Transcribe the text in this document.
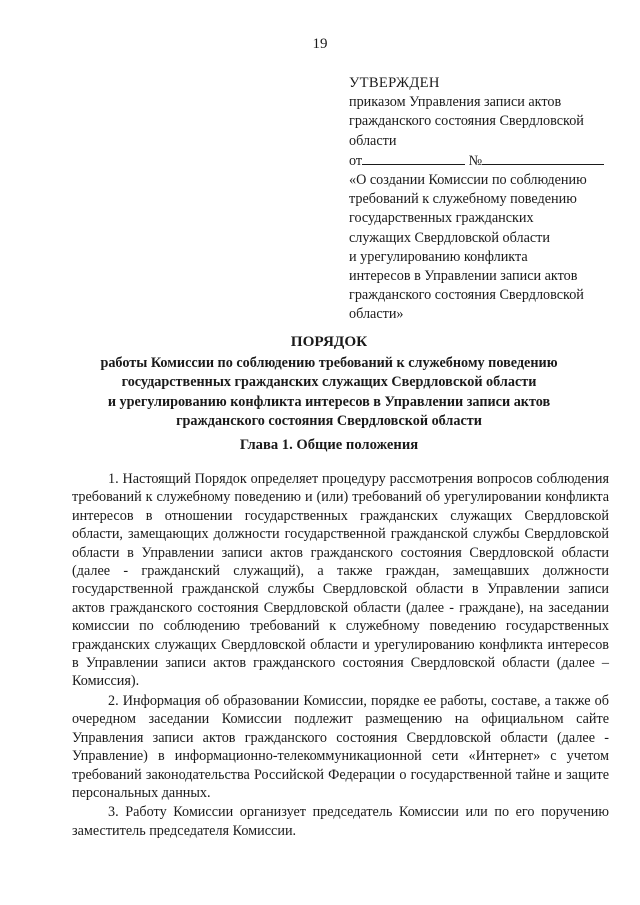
19
УТВЕРЖДЕН
приказом Управления записи актов
гражданского состояния Свердловской
области
от	№
«О создании Комиссии по соблюдению
требований к служебному поведению
государственных гражданских
служащих Свердловской области
и урегулированию конфликта
интересов в Управлении записи актов
гражданского состояния Свердловской
области»
ПОРЯДОК
работы Комиссии по соблюдению требований к служебному поведению
государственных гражданских служащих Свердловской области
и урегулированию конфликта интересов в Управлении записи актов
гражданского состояния Свердловской области
Глава 1. Общие положения

1. Настоящий Порядок определяет процедуру рассмотрения вопросов соблюдения требований к служебному поведению и (или) требований об урегулировании конфликта интересов в отношении государственных гражданских служащих Свердловской области, замещающих должности государственной гражданской службы Свердловской области в Управлении записи актов гражданского состояния Свердловской области (далее - гражданский служащий), а также граждан, замещавших должности государственной гражданской службы Свердловской области в Управлении записи актов гражданского состояния Свердловской области (далее - граждане), на заседании комиссии по соблюдению требований к служебному поведению государственных гражданских служащих Свердловской области и урегулированию конфликта интересов в Управлении записи актов гражданского состояния Свердловской области (далее – Комиссия).

2. Информация об образовании Комиссии, порядке ее работы, составе, а также об очередном заседании Комиссии подлежит размещению на официальном сайте Управления записи актов гражданского состояния Свердловской области (далее - Управление) в информационно-телекоммуникационной сети «Интернет» с учетом требований законодательства Российской Федерации о государственной тайне и защите персональных данных.

3. Работу Комиссии организует председатель Комиссии или по его поручению заместитель председателя Комиссии.
